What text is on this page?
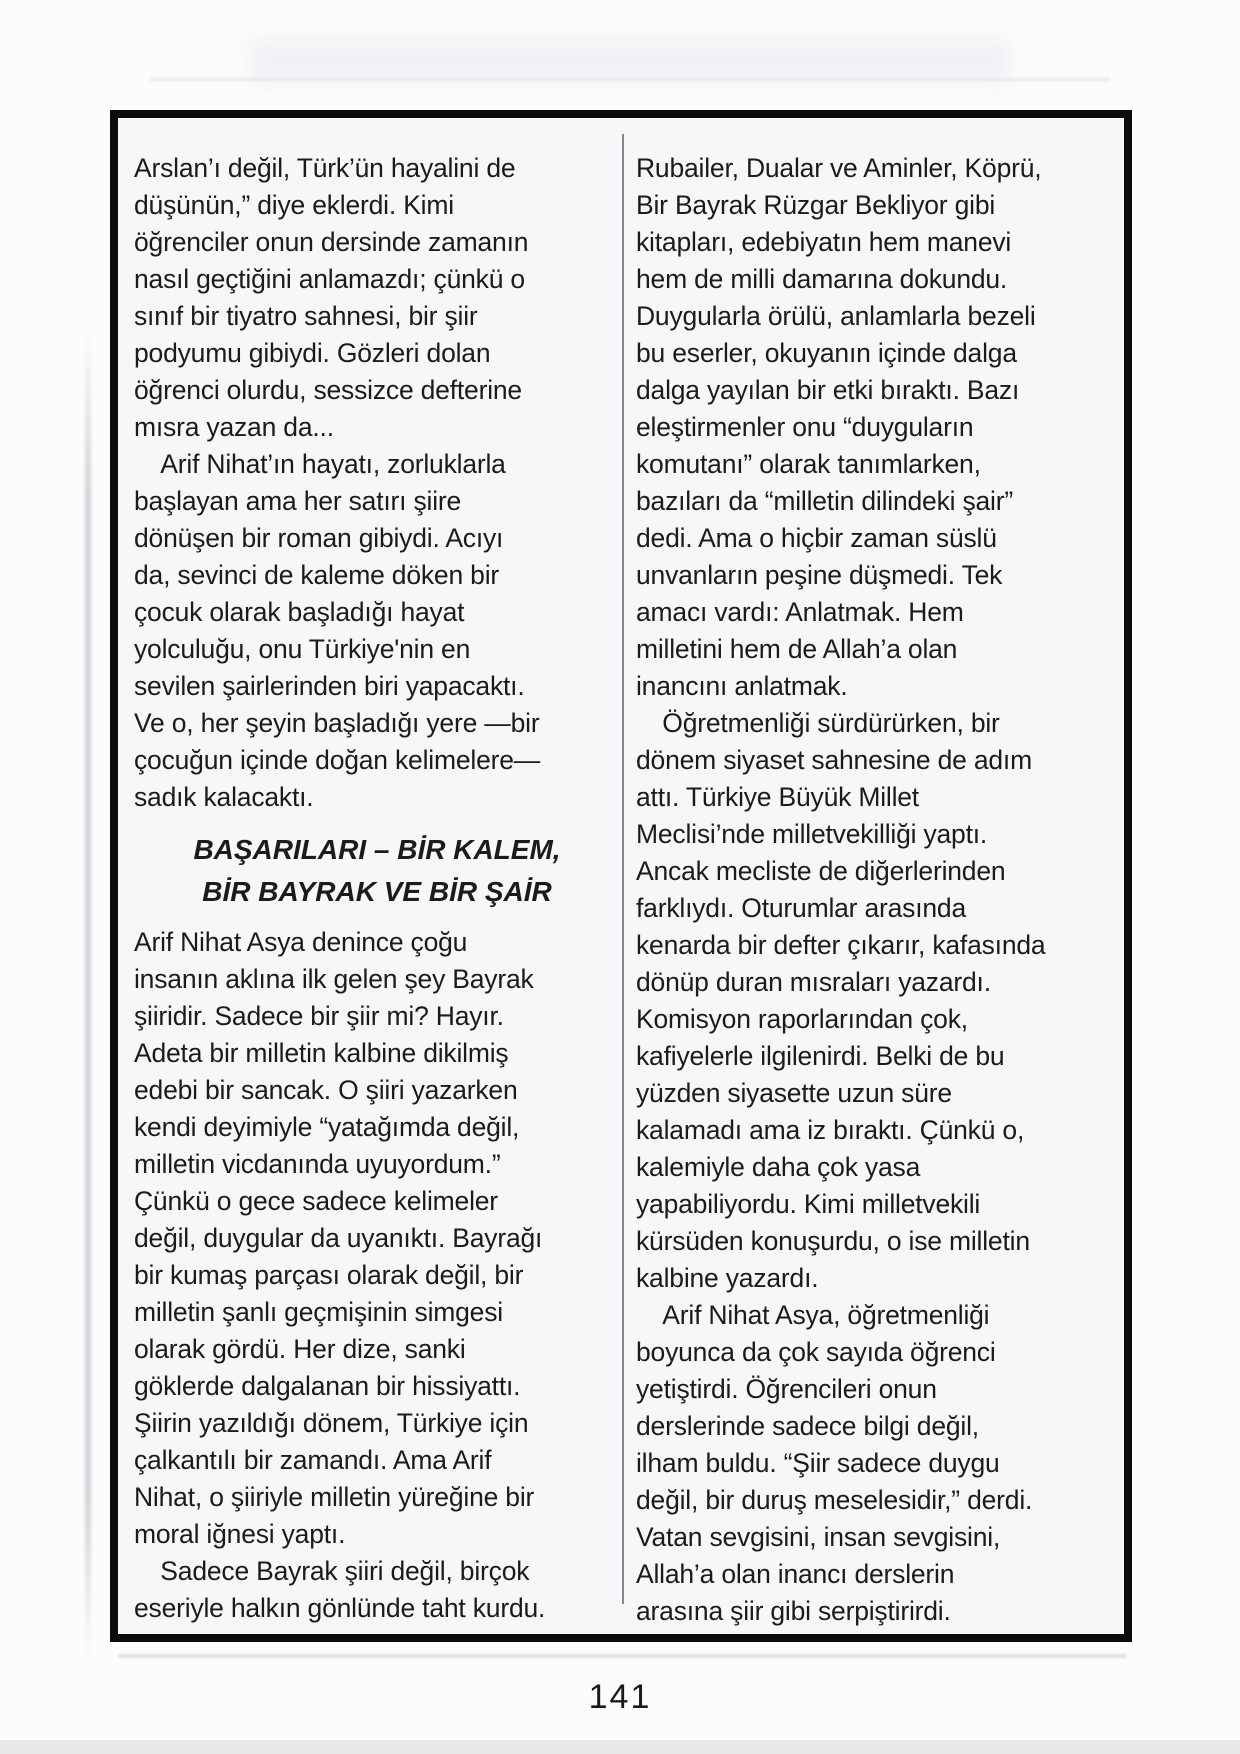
Arslan’ı değil, Türk’ün hayalini de
düşünün,” diye eklerdi. Kimi
öğrenciler onun dersinde zamanın
nasıl geçtiğini anlamazdı; çünkü o
sınıf bir tiyatro sahnesi, bir şiir
podyumu gibiydi. Gözleri dolan
öğrenci olurdu, sessizce defterine
mısra yazan da...
 Arif Nihat’ın hayatı, zorluklarla
başlayan ama her satırı şiire
dönüşen bir roman gibiydi. Acıyı
da, sevinci de kaleme döken bir
çocuk olarak başladığı hayat
yolculuğu, onu Türkiye'nin en
sevilen şairlerinden biri yapacaktı.
Ve o, her şeyin başladığı yere —bir
çocuğun içinde doğan kelimelere—
sadık kalacaktı.
BAŞARILARI – BİR KALEM,
BİR BAYRAK VE BİR ŞAİR
Arif Nihat Asya denince çoğu
insanın aklına ilk gelen şey Bayrak
şiiridir. Sadece bir şiir mi? Hayır.
Adeta bir milletin kalbine dikilmiş
edebi bir sancak. O şiiri yazarken
kendi deyimiyle “yatağımda değil,
milletin vicdanında uyuyordum.”
Çünkü o gece sadece kelimeler
değil, duygular da uyanıktı. Bayrağı
bir kumaş parçası olarak değil, bir
milletin şanlı geçmişinin simgesi
olarak gördü. Her dize, sanki
göklerde dalgalanan bir hissiyattı.
Şiirin yazıldığı dönem, Türkiye için
çalkantılı bir zamandı. Ama Arif
Nihat, o şiiriyle milletin yüreğine bir
moral iğnesi yaptı.
 Sadece Bayrak şiiri değil, birçok
eseriyle halkın gönlünde taht kurdu.
Rubailer, Dualar ve Aminler, Köprü,
Bir Bayrak Rüzgar Bekliyor gibi
kitapları, edebiyatın hem manevi
hem de milli damarına dokundu.
Duygularla örülü, anlamlarla bezeli
bu eserler, okuyanın içinde dalga
dalga yayılan bir etki bıraktı. Bazı
eleştirmenler onu “duyguların
komutanı” olarak tanımlarken,
bazıları da “milletin dilindeki şair”
dedi. Ama o hiçbir zaman süslü
unvanların peşine düşmedi. Tek
amacı vardı: Anlatmak. Hem
milletini hem de Allah’a olan
inancını anlatmak.
 Öğretmenliği sürdürürken, bir
dönem siyaset sahnesine de adım
attı. Türkiye Büyük Millet
Meclisi’nde milletvekilliği yaptı.
Ancak mecliste de diğerlerinden
farklıydı. Oturumlar arasında
kenarda bir defter çıkarır, kafasında
dönüp duran mısraları yazardı.
Komisyon raporlarından çok,
kafiyelerle ilgilenirdi. Belki de bu
yüzden siyasette uzun süre
kalamadı ama iz bıraktı. Çünkü o,
kalemiyle daha çok yasa
yapabiliyordu. Kimi milletvekili
kürsüden konuşurdu, o ise milletin
kalbine yazardı.
 Arif Nihat Asya, öğretmenliği
boyunca da çok sayıda öğrenci
yetiştirdi. Öğrencileri onun
derslerinde sadece bilgi değil,
ilham buldu. “Şiir sadece duygu
değil, bir duruş meselesidir,” derdi.
Vatan sevgisini, insan sevgisini,
Allah’a olan inancı derslerin
arasına şiir gibi serpiştirirdi.
141
